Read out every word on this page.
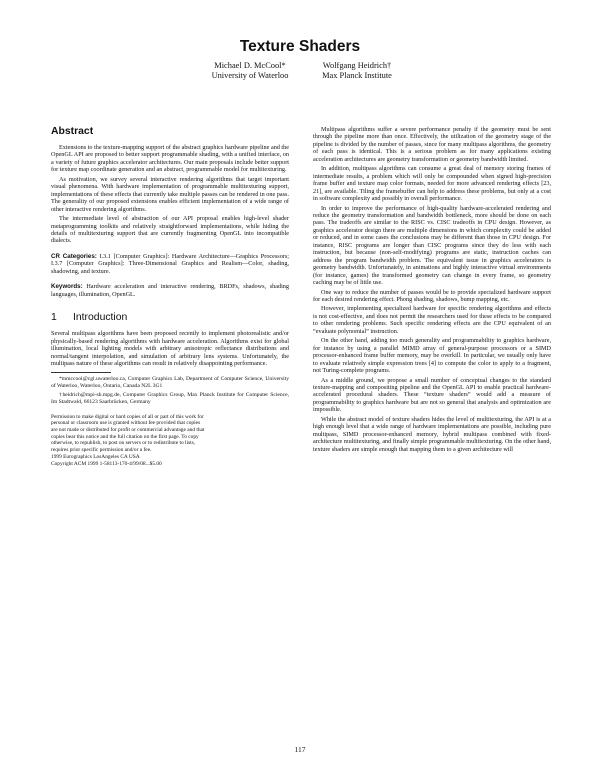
Texture Shaders
Michael D. McCool*
University of Waterloo
Wolfgang Heidrich†
Max Planck Institute
Abstract

Extensions to the texture-mapping support of the abstract graphics hardware pipeline and the OpenGL API are proposed to better support programmable shading, with a unified interface, on a variety of future graphics accelerator architectures. Our main proposals include better support for texture map coordinate generation and an abstract, programmable model for multitexturing.

As motivation, we survey several interactive rendering algorithms that target important visual phenomena. With hardware implementation of programmable multitexturing support, implementations of these effects that currently take multiple passes can be rendered in one pass. The generality of our proposed extensions enables efficient implementation of a wide range of other interactive rendering algorithms.

The intermediate level of abstraction of our API proposal enables high-level shader metaprogramming toolkits and relatively straightforward implementations, while hiding the details of multitexturing support that are currently fragmenting OpenGL into incompatible dialects.

CR Categories: I.3.1 [Computer Graphics]: Hardware Architecture—Graphics Processors; I.3.7 [Computer Graphics]: Three-Dimensional Graphics and Realism—Color, shading, shadowing, and texture.

Keywords: Hardware acceleration and interactive rendering, BRDFs, shadows, shading languages, illumination, OpenGL.

1 Introduction

Several multipass algorithms have been proposed recently to implement photorealistic and/or physically-based rendering algorithms with hardware acceleration. Algorithms exist for global illumination, local lighting models with arbitrary anisotropic reflectance distributions and normal/tangent interpolation, and simulation of arbitrary lens systems. Unfortunately, the multipass nature of these algorithms can result in relatively disappointing performance.

*mmccool@cgl.uwaterloo.ca, Computer Graphics Lab, Department of Computer Science, University of Waterloo, Waterloo, Ontario, Canada N2L 3G1

†heidrich@mpi-sb.mpg.de, Computer Graphics Group, Max Planck Institute for Computer Science, Im Stadtwald, 66123 Saarbrücken, Germany

Permission to make digital or hard copies of all or part of this work for
personal or classroom use is granted without fee provided that copies
are not made or distributed for profit or commercial advantage and that
copies bear this notice and the full citation on the first page. To copy
otherwise, to republish, to post on servers or to redistribute to lists,
requires prior specific permission and/or a fee.
1999 Eurographics LosAngeles CA USA
Copyright ACM 1999 1-58113-170-4/99/08...$5.00

Multipass algorithms suffer a severe performance penalty if the geometry must be sent through the pipeline more than once. Effectively, the utilization of the geometry stage of the pipeline is divided by the number of passes, since for many multipass algorithms, the geometry of each pass is identical. This is a serious problem as for many applications existing acceleration architectures are geometry transformation or geometry bandwidth limited.

In addition, multipass algorithms can consume a great deal of memory storing frames of intermediate results, a problem which will only be compounded when signed high-precision frame buffer and texture map color formats, needed for more advanced rendering effects [23, 21], are available. Tiling the framebuffer can help to address these problems, but only at a cost in software complexity and possibly in overall performance.

In order to improve the performance of high-quality hardware-accelerated rendering and reduce the geometry transformation and bandwidth bottleneck, more should be done on each pass. The tradeoffs are similar to the RISC vs. CISC tradeoffs in CPU design. However, as graphics accelerator design there are multiple dimensions in which complexity could be added or reduced, and in some cases the conclusions may be different than those in CPU design. For instance, RISC programs are longer than CISC programs since they do less with each instruction, but because (non-self-modifying) programs are static, instruction caches can address the program bandwidth problem. The equivalent issue in graphics accelerators is geometry bandwidth. Unfortunately, in animations and highly interactive virtual environments (for instance, games) the transformed geometry can change in every frame, so geometry caching may be of little use.

One way to reduce the number of passes would be to provide specialized hardware support for each desired rendering effect. Phong shading, shadows, bump mapping, etc.

However, implementing specialized hardware for specific rendering algorithms and effects is not cost-effective, and does not permit the researchers used for these effects to be compared to other rendering problems. Such specific rendering effects are the CPU equivalent of an “evaluate polynomial” instruction.

On the other hand, adding too much generality and programmability to graphics hardware, for instance by using a parallel MIMD array of general-purpose processors or a SIMD processor-enhanced frame buffer memory, may be overkill. In particular, we usually only have to evaluate relatively simple expression trees [4] to compute the color to apply to a fragment, not Turing-complete programs.

As a middle ground, we propose a small number of conceptual changes to the standard texture-mapping and compositing pipeline and the OpenGL API to enable practical hardware-accelerated procedural shaders. These “texture shaders” would add a measure of programmability to graphics hardware but are not so general that analysis and optimization are impossible.

While the abstract model of texture shaders hides the level of multitexturing, the API is at a high enough level that a wide range of hardware implementations are possible, including pure multipass, SIMD processor-enhanced memory, hybrid multipass combined with fixed-architecture multitexturing, and finally simple programmable multitexturing. On the other hand, texture shaders are simple enough that mapping them to a given architecture will

117
